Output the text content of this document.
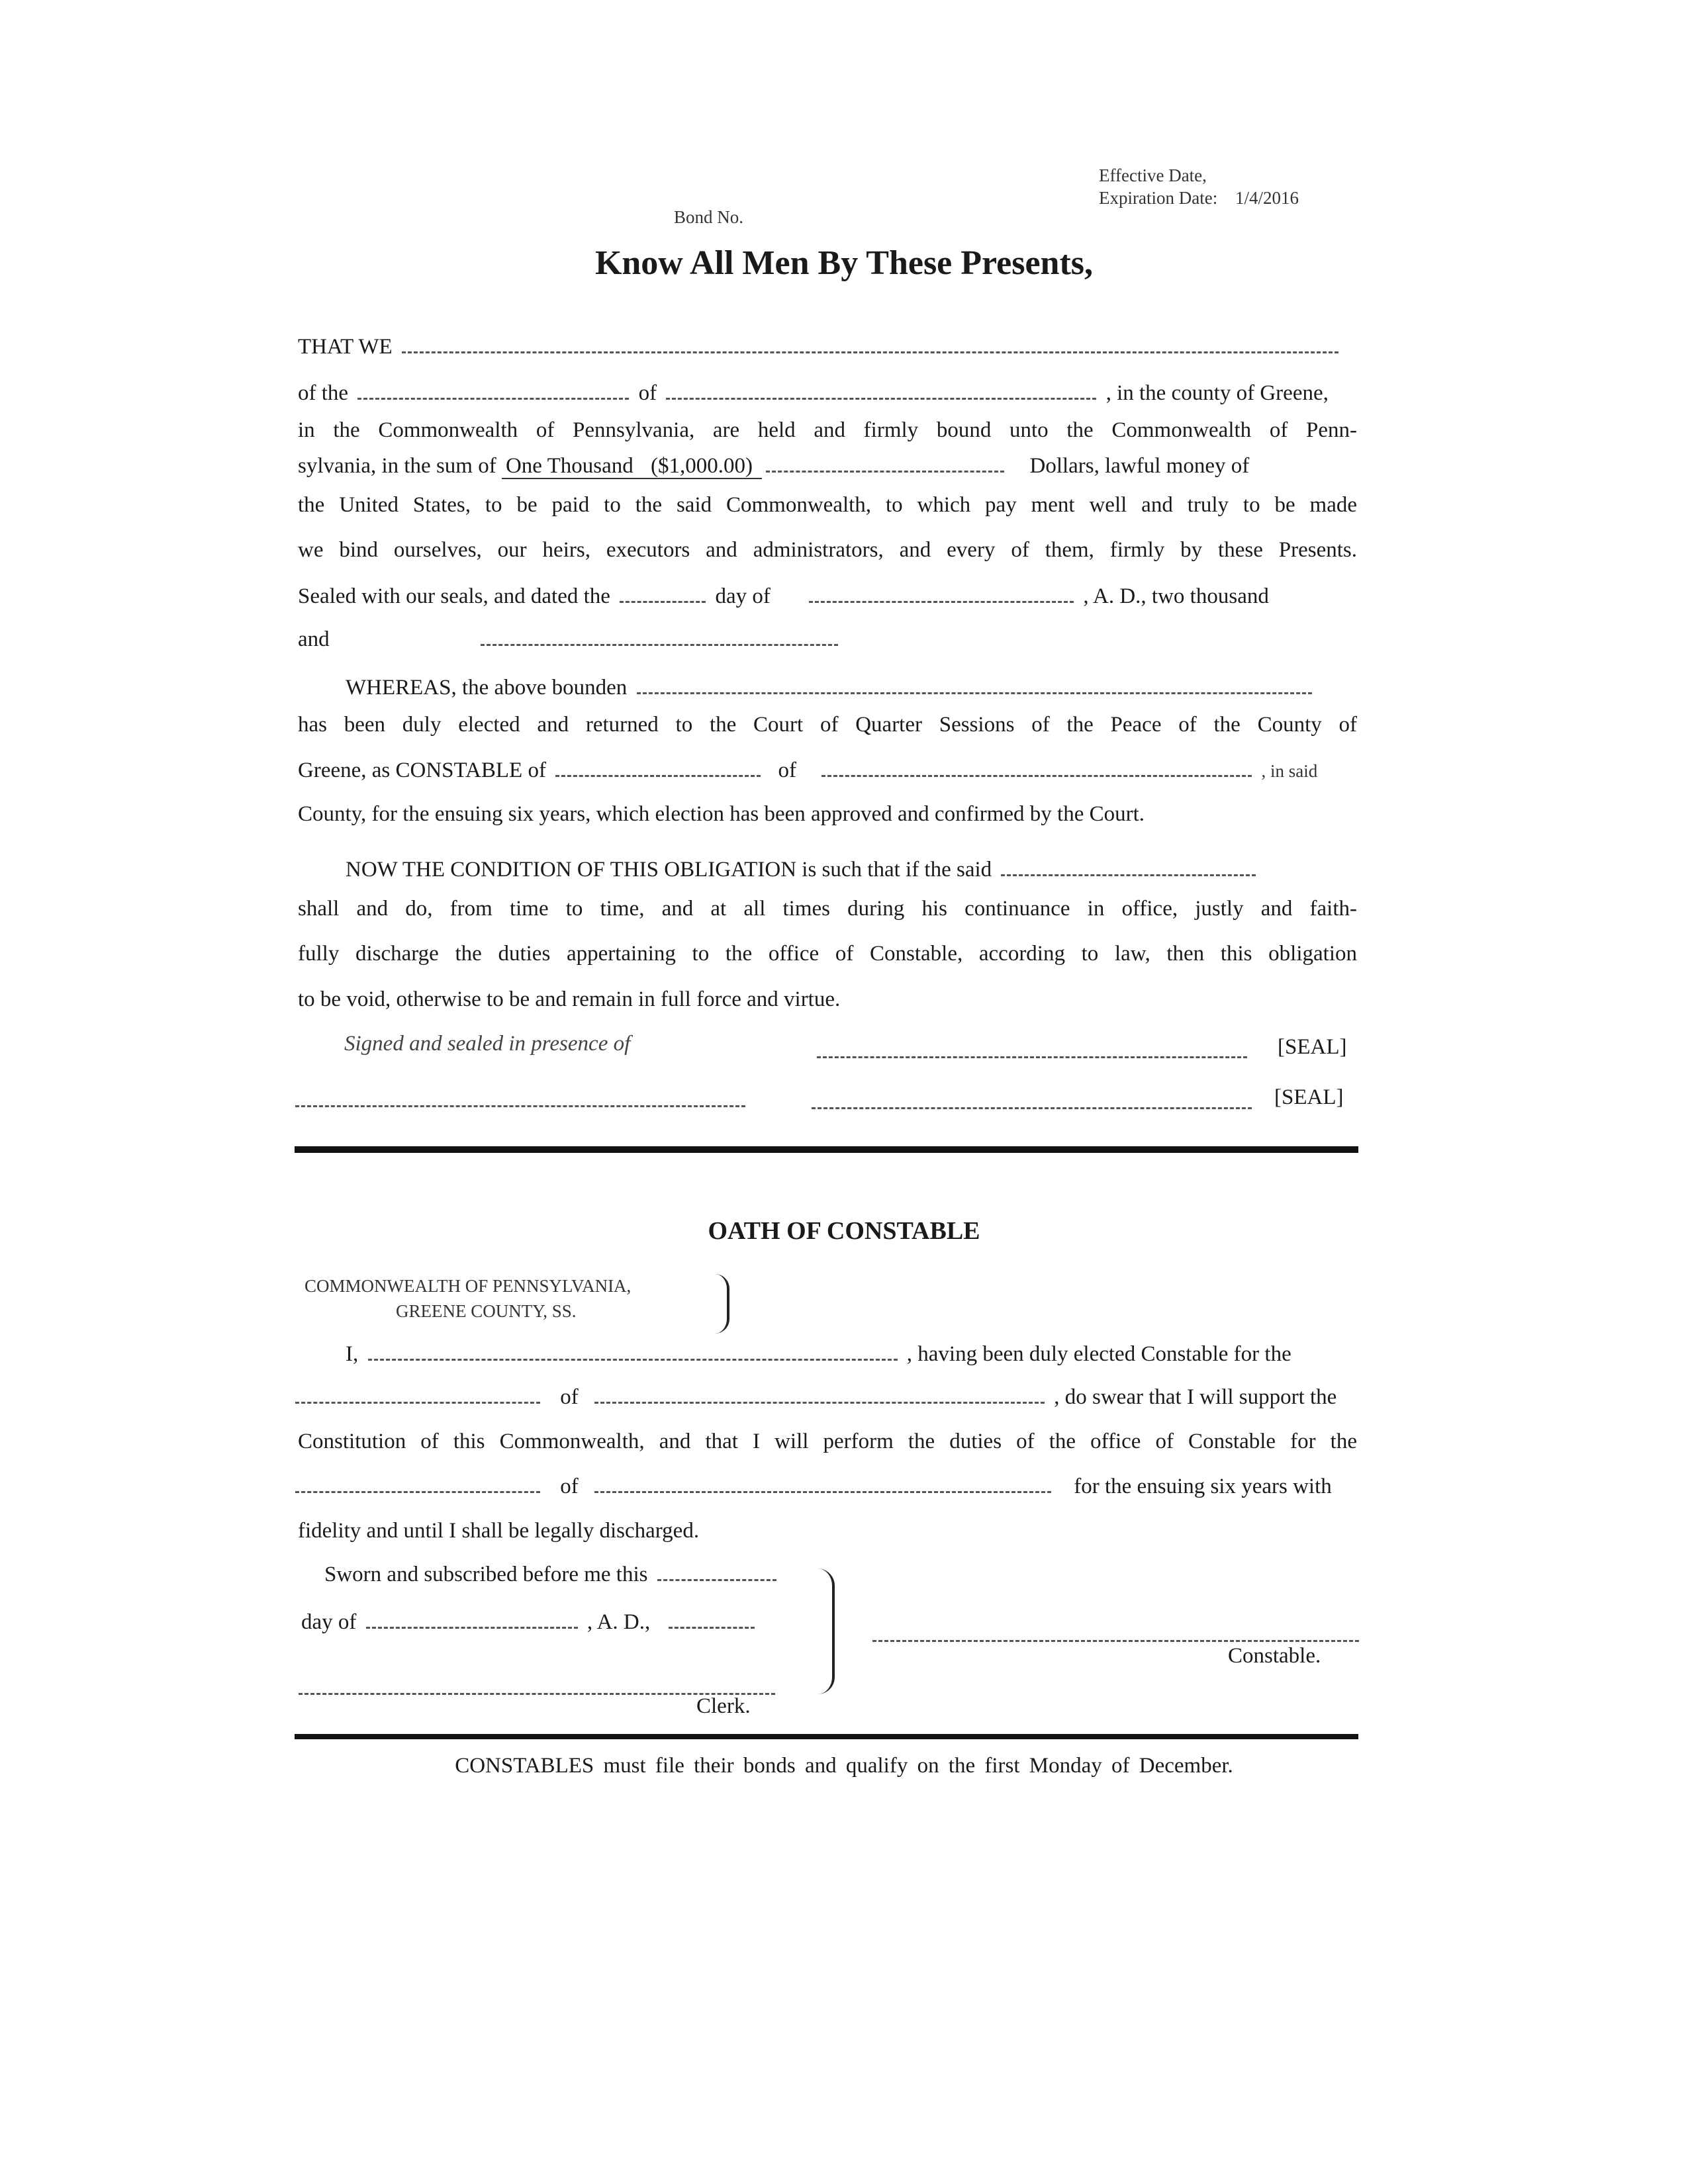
Effective Date,
Expiration Date: 1/4/2016
Bond No.
Know All Men By These Presents,
THAT WE
of the	of	, in the county of Greene,
in the Commonwealth of Pennsylvania, are held and firmly bound unto the Commonwealth of Penn-
sylvania, in the sum of One Thousand ($1,000.00)	Dollars, lawful money of
the United States, to be paid to the said Commonwealth, to which pay ment well and truly to be made
we bind ourselves, our heirs, executors and administrators, and every of them, firmly by these Presents.
Sealed with our seals, and dated the	day of	, A. D., two thousand
and
WHEREAS, the above bounden
has been duly elected and returned to the Court of Quarter Sessions of the Peace of the County of
Greene, as CONSTABLE of	of	, in said
County, for the ensuing six years, which election has been approved and confirmed by the Court.
NOW THE CONDITION OF THIS OBLIGATION is such that if the said
shall and do, from time to time, and at all times during his continuance in office, justly and faith-
fully discharge the duties appertaining to the office of Constable, according to law, then this obligation
to be void, otherwise to be and remain in full force and virtue.
Signed and sealed in presence of	[SEAL]
[SEAL]
OATH OF CONSTABLE
COMMONWEALTH OF PENNSYLVANIA,
GREENE COUNTY, SS.
I,	, having been duly elected Constable for the
of	, do swear that I will support the
Constitution of this Commonwealth, and that I will perform the duties of the office of Constable for the
of	for the ensuing six years with
fidelity and until I shall be legally discharged.
Sworn and subscribed before me this
day of	, A. D.,
Clerk.
Constable.
CONSTABLES must file their bonds and qualify on the first Monday of December.
